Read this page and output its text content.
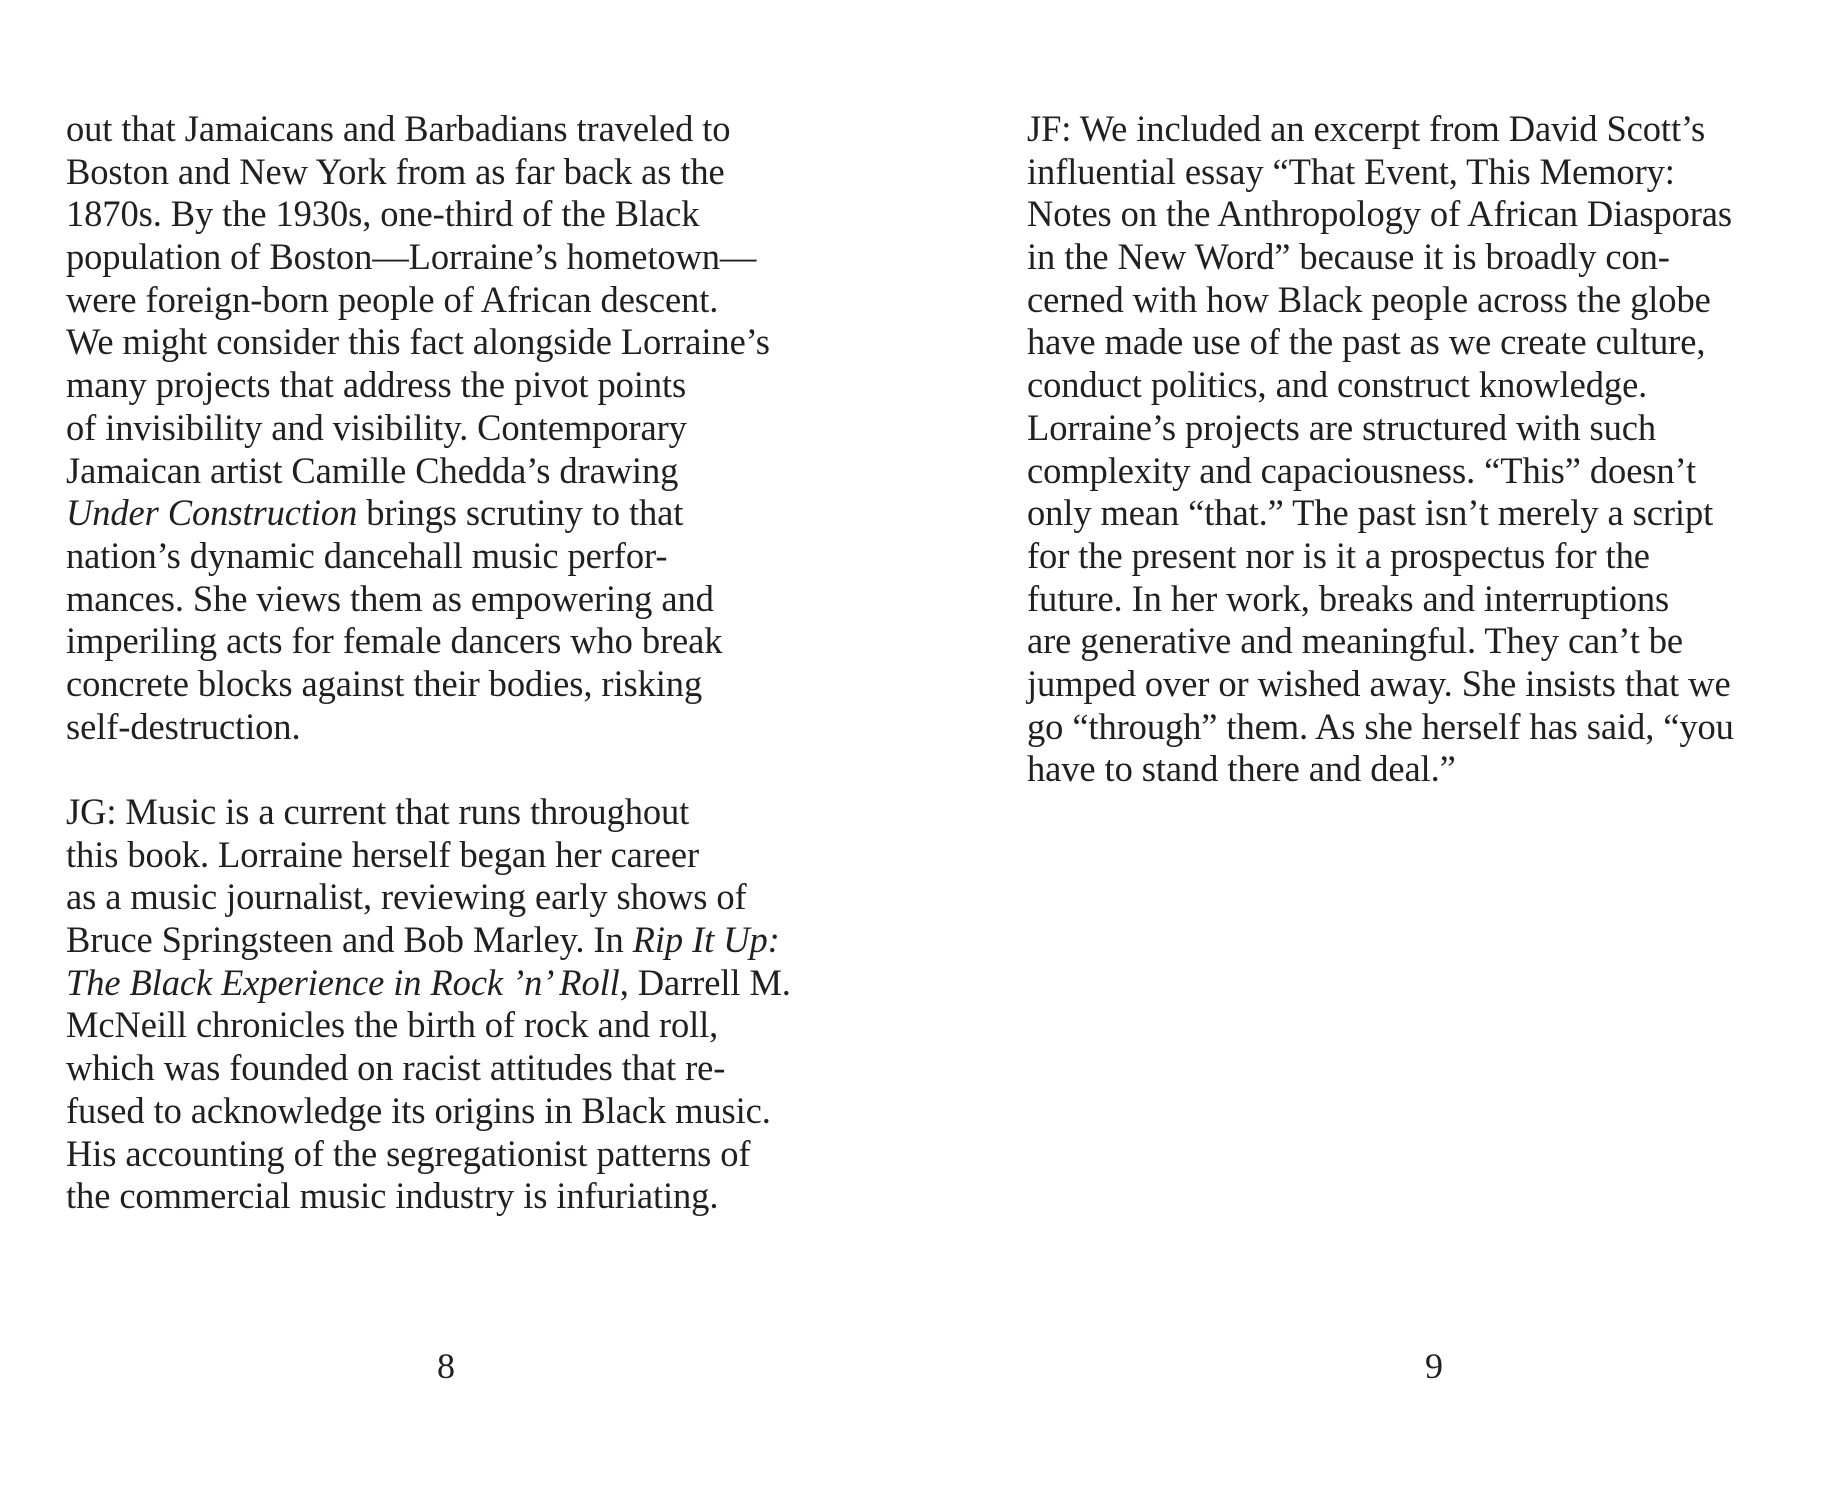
out that Jamaicans and Barbadians traveled to
Boston and New York from as far back as the
1870s. By the 1930s, one-third of the Black
population of Boston—Lorraine’s hometown—
were foreign-born people of African descent.
We might consider this fact alongside Lorraine’s
many projects that address the pivot points
of invisibility and visibility. Contemporary
Jamaican artist Camille Chedda’s drawing
Under Construction brings scrutiny to that
nation’s dynamic dancehall music perfor-
mances. She views them as empowering and
imperiling acts for female dancers who break
concrete blocks against their bodies, risking
self-destruction.
JG: Music is a current that runs throughout
this book. Lorraine herself began her career
as a music journalist, reviewing early shows of
Bruce Springsteen and Bob Marley. In Rip It Up:
The Black Experience in Rock ’n’ Roll, Darrell M.
McNeill chronicles the birth of rock and roll,
which was founded on racist attitudes that re-
fused to acknowledge its origins in Black music.
His accounting of the segregationist patterns of
the commercial music industry is infuriating.
8
JF: We included an excerpt from David Scott’s
influential essay “That Event, This Memory:
Notes on the Anthropology of African Diasporas
in the New Word” because it is broadly con-
cerned with how Black people across the globe
have made use of the past as we create culture,
conduct politics, and construct knowledge.
Lorraine’s projects are structured with such
complexity and capaciousness. “This” doesn’t
only mean “that.” The past isn’t merely a script
for the present nor is it a prospectus for the
future. In her work, breaks and interruptions
are generative and meaningful. They can’t be
jumped over or wished away. She insists that we
go “through” them. As she herself has said, “you
have to stand there and deal.”
9
